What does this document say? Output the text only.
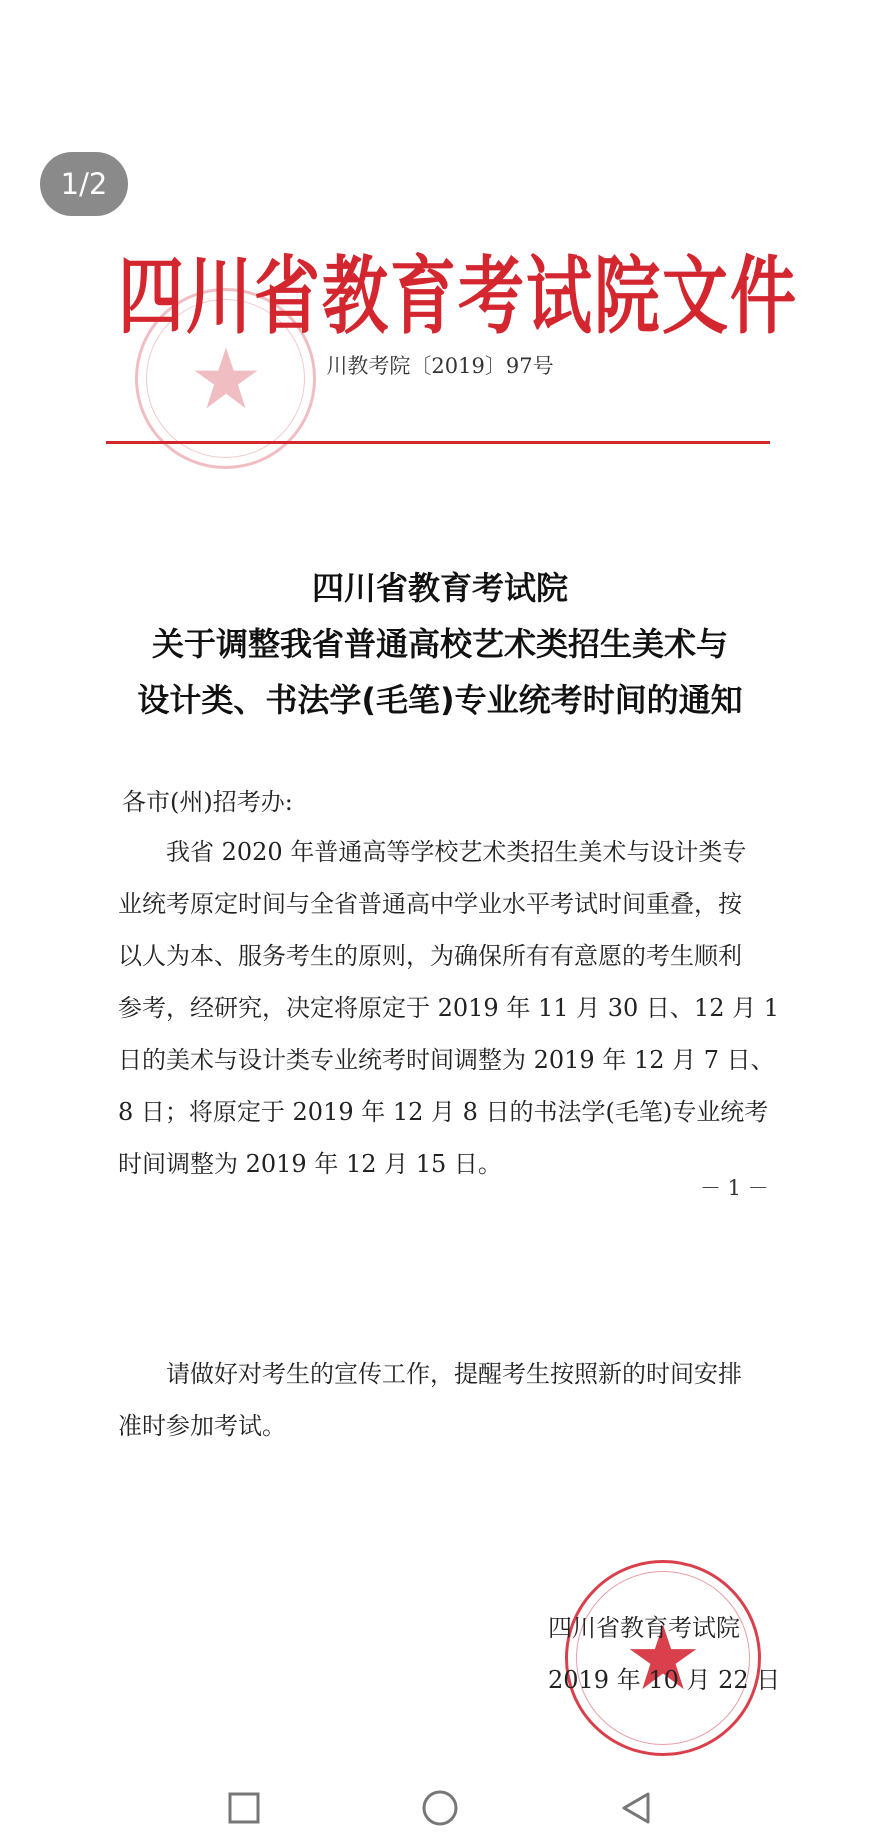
1/2
四川省教育考试院文件
川教考院〔2019〕97号
四川省教育考试院
关于调整我省普通高校艺术类招生美术与
设计类、书法学(毛笔)专业统考时间的通知

各市(州)招考办:

　　我省 2020 年普通高等学校艺术类招生美术与设计类专
业统考原定时间与全省普通高中学业水平考试时间重叠，按
以人为本、服务考生的原则，为确保所有有意愿的考生顺利
参考，经研究，决定将原定于 2019 年 11 月 30 日、12 月 1
日的美术与设计类专业统考时间调整为 2019 年 12 月 7 日、
8 日；将原定于 2019 年 12 月 8 日的书法学(毛笔)专业统考
时间调整为 2019 年 12 月 15 日。
－ 1 －
　　请做好对考生的宣传工作，提醒考生按照新的时间安排
准时参加考试。
四川省教育考试院
2019 年 10 月 22 日
